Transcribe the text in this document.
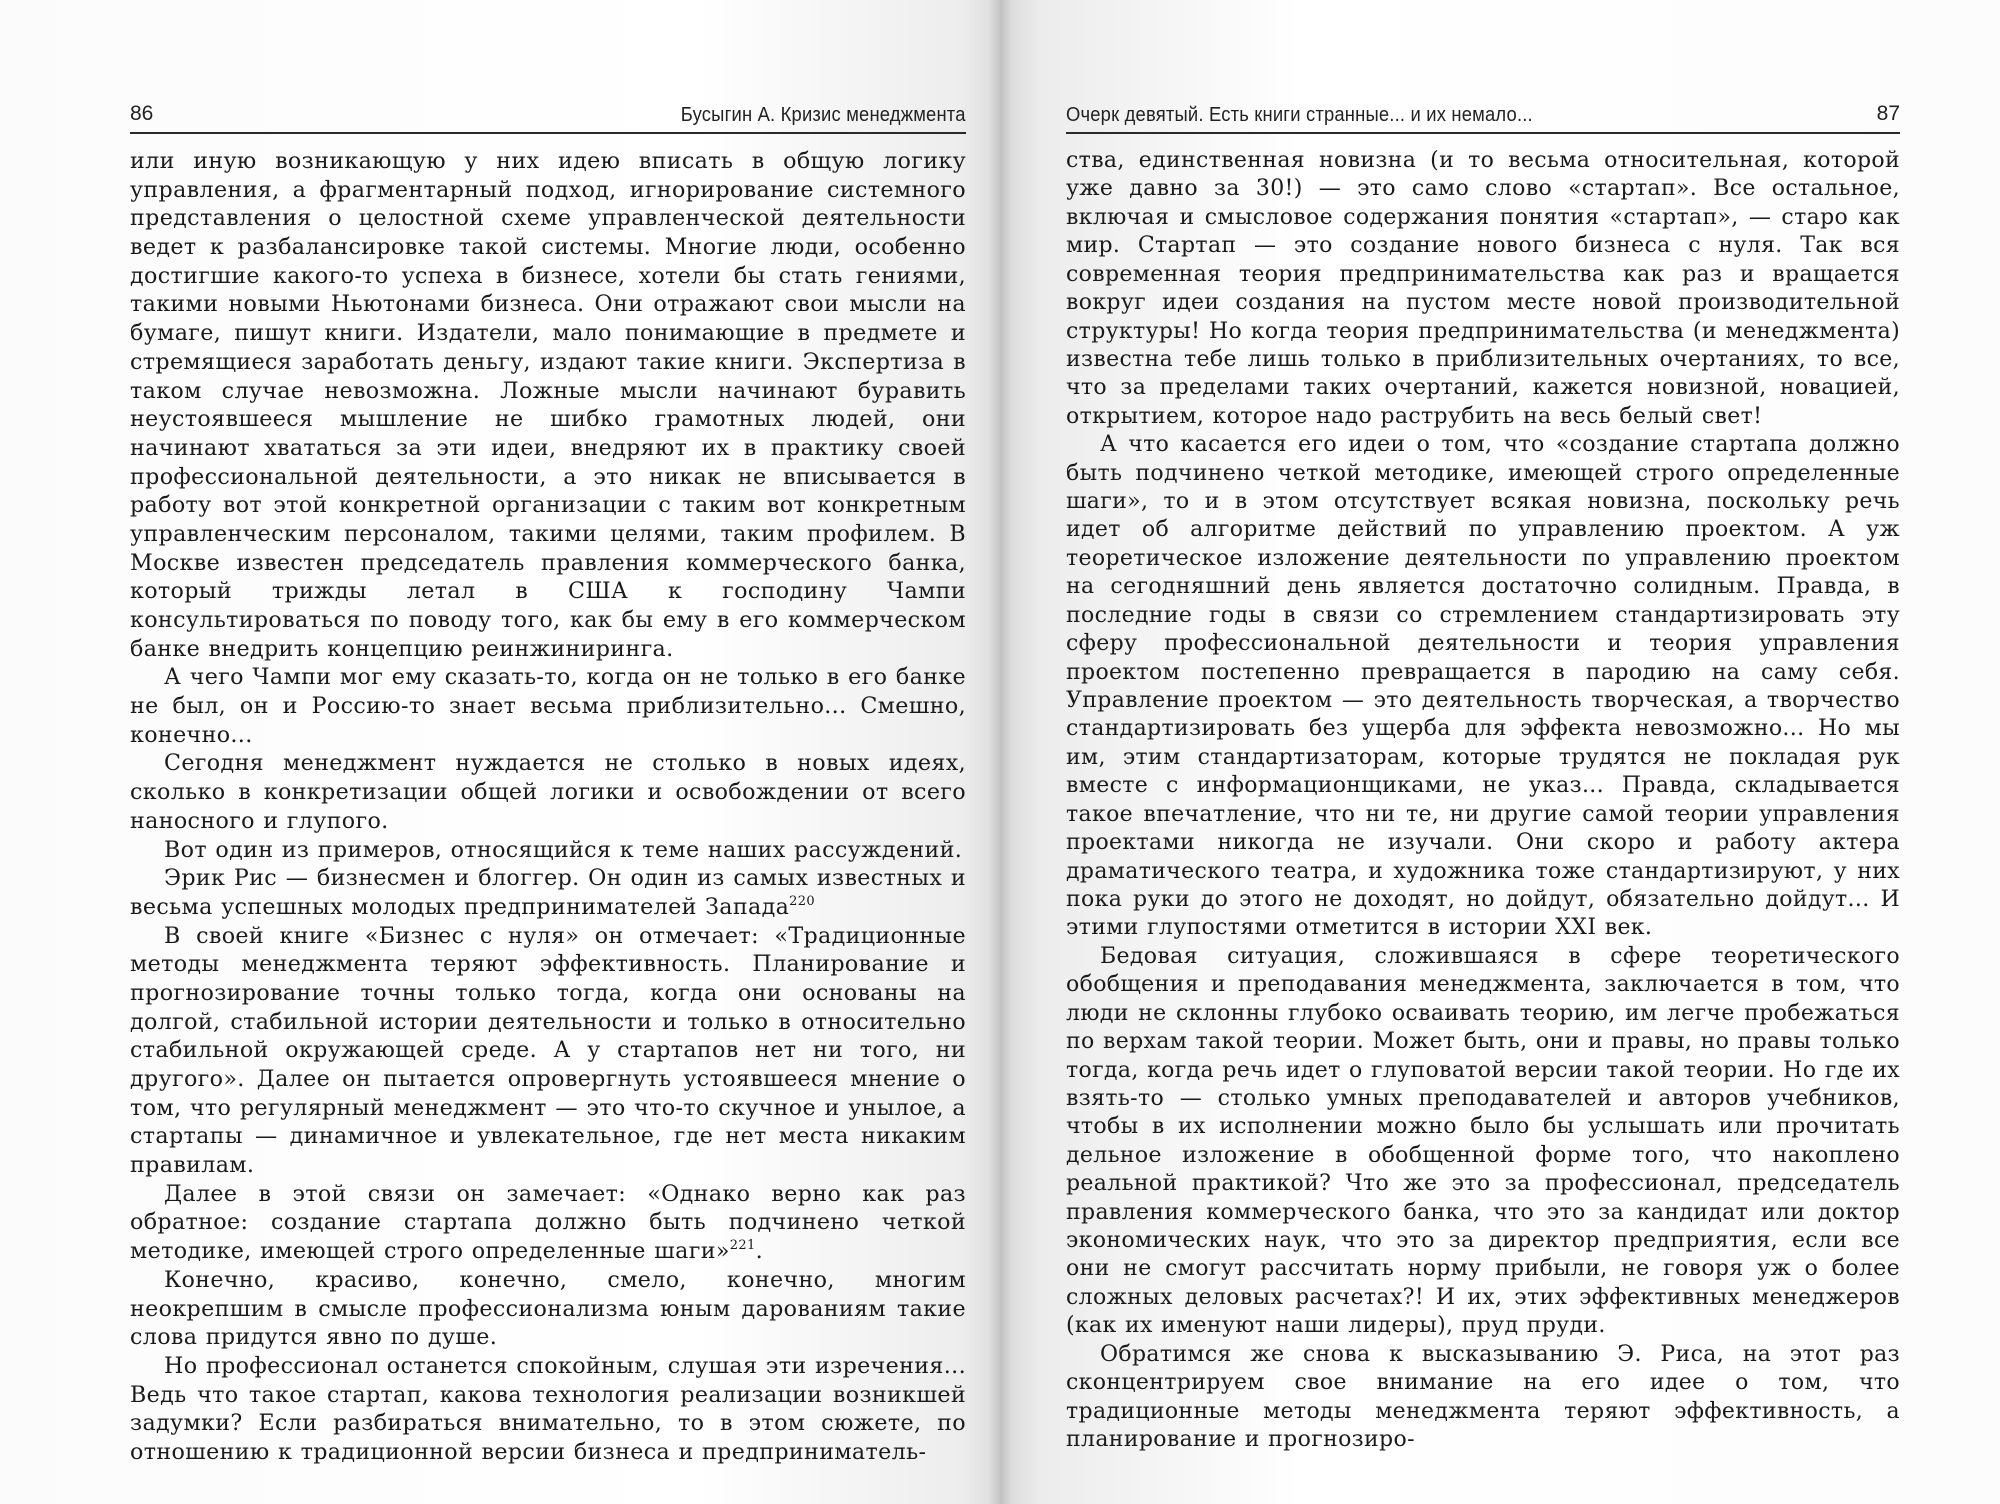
86	Бусыгин А. Кризис менеджмента

или иную возникающую у них идею вписать в общую логику управления, а фрагментарный подход, игнорирование системного представления о целостной схеме управленческой деятельности ведет к разбалансировке такой системы. Многие люди, особенно достигшие какого-то успеха в бизнесе, хотели бы стать гениями, такими новыми Ньютонами бизнеса. Они отражают свои мысли на бумаге, пишут книги. Издатели, мало понимающие в предмете и стремящиеся заработать деньгу, издают такие книги. Экспертиза в таком случае невозможна. Ложные мысли начинают буравить неустоявшееся мышление не шибко грамотных людей, они начинают хвататься за эти идеи, внедряют их в практику своей профессиональной деятельности, а это никак не вписывается в работу вот этой конкретной организации с таким вот конкретным управленческим персоналом, такими целями, таким профилем. В Москве известен председатель правления коммерческого банка, который трижды летал в США к господину Чампи консультироваться по поводу того, как бы ему в его коммерческом банке внедрить концепцию реинжиниринга.

А чего Чампи мог ему сказать-то, когда он не только в его банке не был, он и Россию-то знает весьма приблизительно... Смешно, конечно...

Сегодня менеджмент нуждается не столько в новых идеях, сколько в конкретизации общей логики и освобождении от всего наносного и глупого.

Вот один из примеров, относящийся к теме наших рассуждений.

Эрик Рис — бизнесмен и блоггер. Он один из самых известных и весьма успешных молодых предпринимателей Запада$^{220}$

В своей книге «Бизнес с нуля» он отмечает: «Традиционные методы менеджмента теряют эффективность. Планирование и прогнозирование точны только тогда, когда они основаны на долгой, стабильной истории деятельности и только в относительно стабильной окружающей среде. А у стартапов нет ни того, ни другого». Далее он пытается опровергнуть устоявшееся мнение о том, что регулярный менеджмент — это что-то скучное и унылое, а стартапы — динамичное и увлекательное, где нет места никаким правилам.

Далее в этой связи он замечает: «Однако верно как раз обратное: создание стартапа должно быть подчинено четкой методике, имеющей строго определенные шаги»$^{221}$.

Конечно, красиво, конечно, смело, конечно, многим неокрепшим в смысле профессионализма юным дарованиям такие слова придутся явно по душе.

Но профессионал останется спокойным, слушая эти изречения... Ведь что такое стартап, какова технология реализации возникшей задумки? Если разбираться внимательно, то в этом сюжете, по отношению к традиционной версии бизнеса и предприниматель-

Очерк девятый. Есть книги странные... и их немало...	87

ства, единственная новизна (и то весьма относительная, которой уже давно за 30!) — это само слово «стартап». Все остальное, включая и смысловое содержания понятия «стартап», — старо как мир. Стартап — это создание нового бизнеса с нуля. Так вся современная теория предпринимательства как раз и вращается вокруг идеи создания на пустом месте новой производительной структуры! Но когда теория предпринимательства (и менеджмента) известна тебе лишь только в приблизительных очертаниях, то все, что за пределами таких очертаний, кажется новизной, новацией, открытием, которое надо раструбить на весь белый свет!

А что касается его идеи о том, что «создание стартапа должно быть подчинено четкой методике, имеющей строго определенные шаги», то и в этом отсутствует всякая новизна, поскольку речь идет об алгоритме действий по управлению проектом. А уж теоретическое изложение деятельности по управлению проектом на сегодняшний день является достаточно солидным. Правда, в последние годы в связи со стремлением стандартизировать эту сферу профессиональной деятельности и теория управления проектом постепенно превращается в пародию на саму себя. Управление проектом — это деятельность творческая, а творчество стандартизировать без ущерба для эффекта невозможно... Но мы им, этим стандартизаторам, которые трудятся не покладая рук вместе с информационщиками, не указ... Правда, складывается такое впечатление, что ни те, ни другие самой теории управления проектами никогда не изучали. Они скоро и работу актера драматического театра, и художника тоже стандартизируют, у них пока руки до этого не доходят, но дойдут, обязательно дойдут... И этими глупостями отметится в истории XXI век.

Бедовая ситуация, сложившаяся в сфере теоретического обобщения и преподавания менеджмента, заключается в том, что люди не склонны глубоко осваивать теорию, им легче пробежаться по верхам такой теории. Может быть, они и правы, но правы только тогда, когда речь идет о глуповатой версии такой теории. Но где их взять-то — столько умных преподавателей и авторов учебников, чтобы в их исполнении можно было бы услышать или прочитать дельное изложение в обобщенной форме того, что накоплено реальной практикой? Что же это за профессионал, председатель правления коммерческого банка, что это за кандидат или доктор экономических наук, что это за директор предприятия, если все они не смогут рассчитать норму прибыли, не говоря уж о более сложных деловых расчетах?! И их, этих эффективных менеджеров (как их именуют наши лидеры), пруд пруди.

Обратимся же снова к высказыванию Э. Риса, на этот раз сконцентрируем свое внимание на его идее о том, что традиционные методы менеджмента теряют эффективность, а планирование и прогнозиро-
